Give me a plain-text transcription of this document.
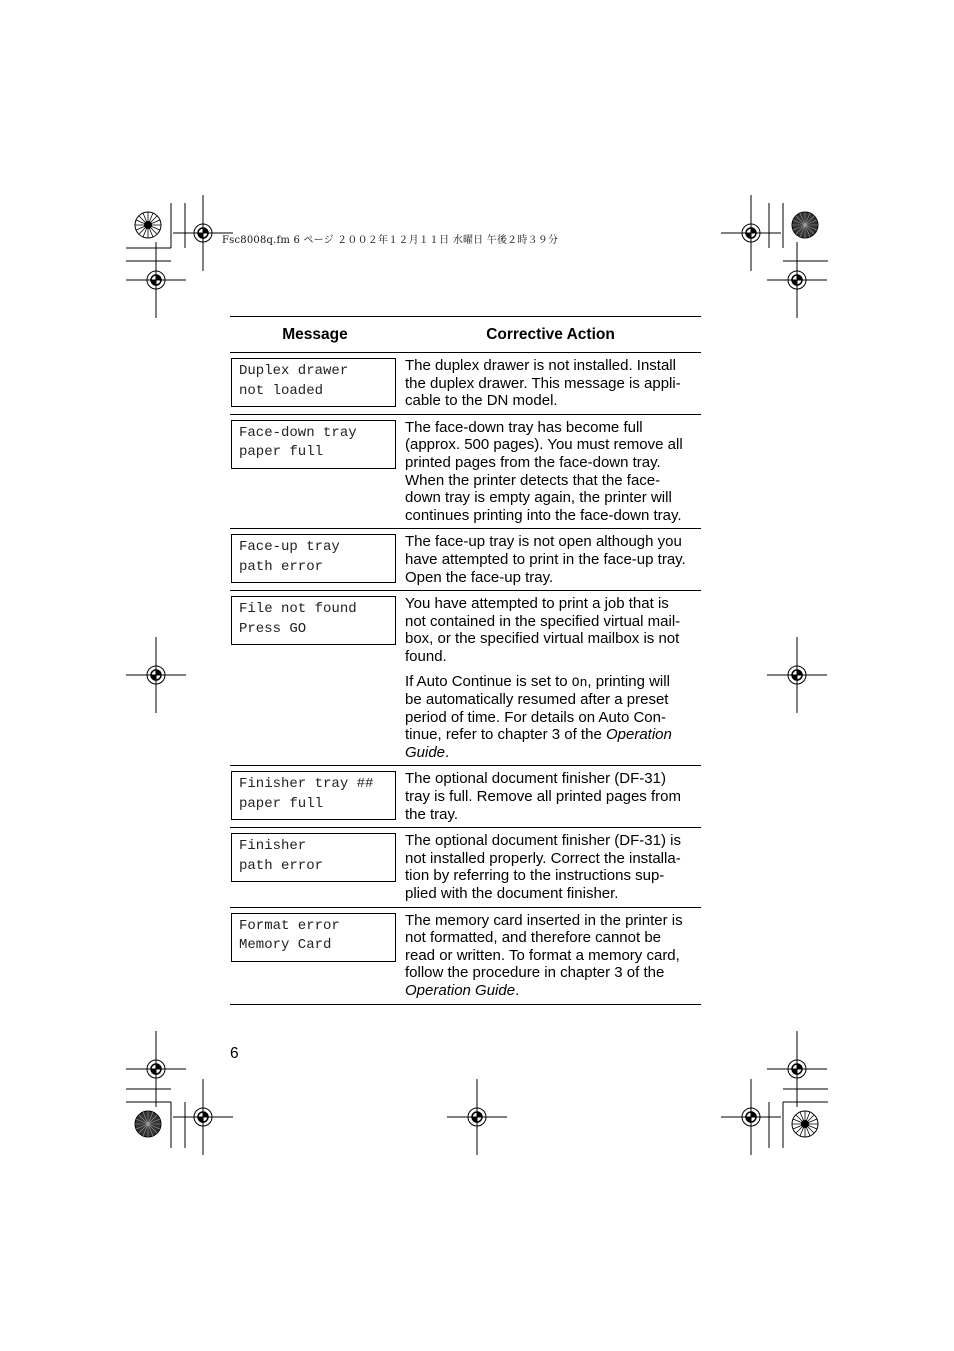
Fsc8008q.fm 6 ページ ２００２年１２月１１日 水曜日 午後２時３９分
Message	Corrective Action
Duplex drawer
not loaded
The duplex drawer is not installed. Install
the duplex drawer. This message is appli-
cable to the DN model.
Face-down tray
paper full
The face-down tray has become full
(approx. 500 pages). You must remove all
printed pages from the face-down tray.
When the printer detects that the face-
down tray is empty again, the printer will
continues printing into the face-down tray.
Face-up tray
path error
The face-up tray is not open although you
have attempted to print in the face-up tray.
Open the face-up tray.
File not found
Press GO

You have attempted to print a job that is
not contained in the specified virtual mail-
box, or the specified virtual mailbox is not
found.

If Auto Continue is set to On, printing will
be automatically resumed after a preset
period of time. For details on Auto Con-
tinue, refer to chapter 3 of the Operation
Guide.

Finisher tray ##
paper full
The optional document finisher (DF-31)
tray is full. Remove all printed pages from
the tray.
Finisher
path error
The optional document finisher (DF-31) is
not installed properly. Correct the installa-
tion by referring to the instructions sup-
plied with the document finisher.
Format error
Memory Card
The memory card inserted in the printer is
not formatted, and therefore cannot be
read or written. To format a memory card,
follow the procedure in chapter 3 of the
Operation Guide.
6
